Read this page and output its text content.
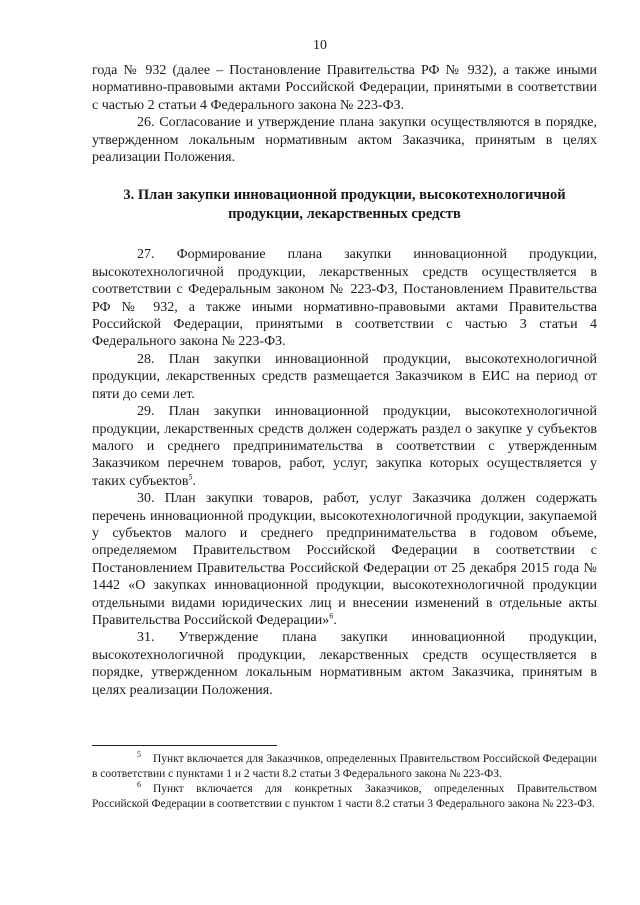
10

года № 932 (далее – Постановление Правительства РФ № 932), а также иными нормативно-правовыми актами Российской Федерации, принятыми в соответствии с частью 2 статьи 4 Федерального закона № 223-ФЗ.

26. Согласование и утверждение плана закупки осуществляются в порядке, утвержденном локальным нормативным актом Заказчика, принятым в целях реализации Положения.

3. План закупки инновационной продукции, высокотехнологичной
продукции, лекарственных средств

27. Формирование плана закупки инновационной продукции, высокотехнологичной продукции, лекарственных средств осуществляется в соответствии с Федеральным законом № 223-ФЗ, Постановлением Правительства РФ № 932, а также иными нормативно-правовыми актами Правительства Российской Федерации, принятыми в соответствии с частью 3 статьи 4 Федерального закона № 223-ФЗ.

28. План закупки инновационной продукции, высокотехнологичной продукции, лекарственных средств размещается Заказчиком в ЕИС на период от пяти до семи лет.

29. План закупки инновационной продукции, высокотехнологичной продукции, лекарственных средств должен содержать раздел о закупке у субъектов малого и среднего предпринимательства в соответствии с утвержденным Заказчиком перечнем товаров, работ, услуг, закупка которых осуществляется у таких субъектов$^5$.

30. План закупки товаров, работ, услуг Заказчика должен содержать перечень инновационной продукции, высокотехнологичной продукции, закупаемой у субъектов малого и среднего предпринимательства в годовом объеме, определяемом Правительством Российской Федерации в соответствии с Постановлением Правительства Российской Федерации от 25 декабря 2015 года № 1442 «О закупках инновационной продукции, высокотехнологичной продукции отдельными видами юридических лиц и внесении изменений в отдельные акты Правительства Российской Федерации»$^6$.

31. Утверждение плана закупки инновационной продукции, высокотехнологичной продукции, лекарственных средств осуществляется в порядке, утвержденном локальным нормативным актом Заказчика, принятым в целях реализации Положения.

$^5$ Пункт включается для Заказчиков, определенных Правительством Российской Федерации в соответствии с пунктами 1 и 2 части 8.2 статьи 3 Федерального закона № 223-ФЗ.

$^6$ Пункт включается для конкретных Заказчиков, определенных Правительством Российской Федерации в соответствии с пунктом 1 части 8.2 статьи 3 Федерального закона № 223-ФЗ.
